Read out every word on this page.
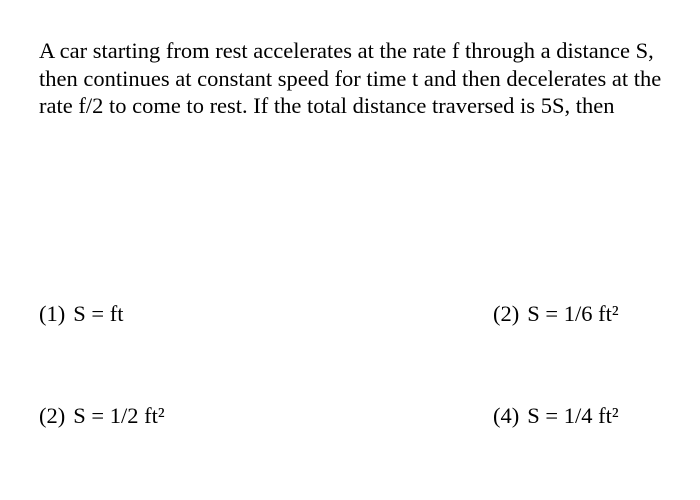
A car starting from rest accelerates at the rate f through a distance S, then continues at constant speed for time t and then decelerates at the rate f/2 to come to rest. If the total distance traversed is 5S, then

(1) S = ft	(2) S = 1/6 ft²
(2) S = 1/2 ft²	(4) S = 1/4 ft²
